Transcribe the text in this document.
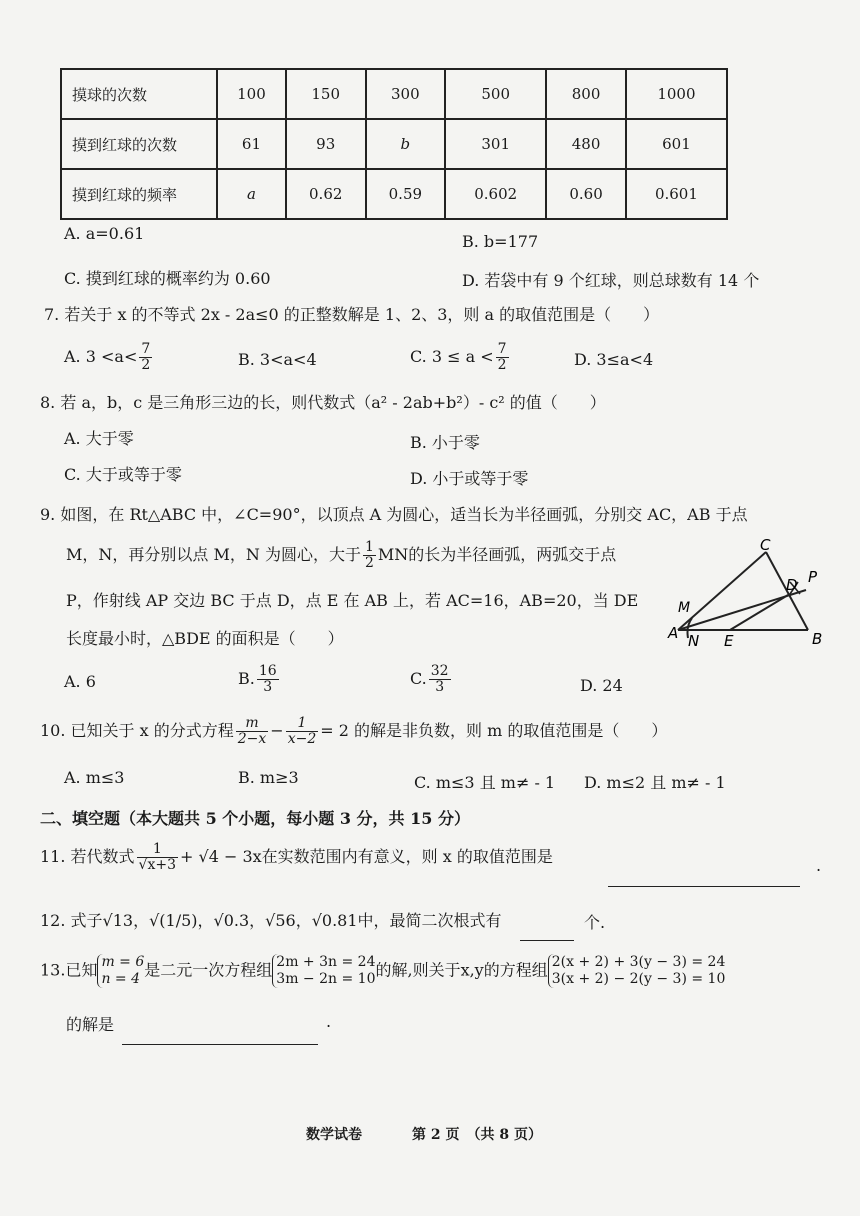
摸球的次数	100	150	300	500	800	1000
摸到红球的次数	61	93	b	301	480	601
摸到红球的频率	a	0.62	0.59	0.602	0.60	0.601
A. a=0.61	B. b=177
C. 摸到红球的概率约为 0.60	D. 若袋中有 9 个红球，则总球数有 14 个
7. 若关于 x 的不等式 2x - 2a≤0 的正整数解是 1、2、3，则 a 的取值范围是（　　）
A. $3 <a< \frac{7}{2}$	B. 3<a<4	C. $3 \le a < \frac{7}{2}$	D. 3≤a<4
8. 若 a，b，c 是三角形三边的长，则代数式（a² - 2ab+b²）- c² 的值（　　）
A. 大于零	B. 小于零
C. 大于或等于零	D. 小于或等于零
9. 如图，在 Rt△ABC 中，∠C=90°，以顶点 A 为圆心，适当长为半径画弧，分别交 AC，AB 于点
M，N，再分别以点 M，N 为圆心，大于 $\frac{1}{2}$ MN的长为半径画弧，两弧交于点
P，作射线 AP 交边 BC 于点 D，点 E 在 AB 上，若 AC=16，AB=20，当 DE
长度最小时，△BDE 的面积是（　　）	A	B
C
D
E
M
N
P
A. 6	B. $\frac{16}{3}$	C. $\frac{32}{3}$	D. 24
10. 已知关于 x 的分式方程 $\frac{m}{2-x} - \frac{1}{x-2} = 2$ 的解是非负数，则 m 的取值范围是（　　）
A. m≤3	B. m≥3	C. m≤3 且 m≠ - 1 D. m≤2 且 m≠ - 1
二、填空题（本大题共 5 个小题，每小题 3 分，共 15 分）
11. 若代数式 $\frac{1}{√x+3} + √4 - 3x$在实数范围内有意义，则 x 的取值范围是	.
12. 式子√13，√(1/5)，√0.3，√56，√0.81中，最简二次根式有	个.
13.已知 m = 6
n = 4 是二元一次方程组 2m + 3n = 24
3m − 2n = 10 的解,则关于x,y的方程组 2(x + 2) + 3(y − 3) = 24
3(x + 2) − 2(y − 3) = 10
的解是	.
数学试卷	第 2 页　（共 8 页）
